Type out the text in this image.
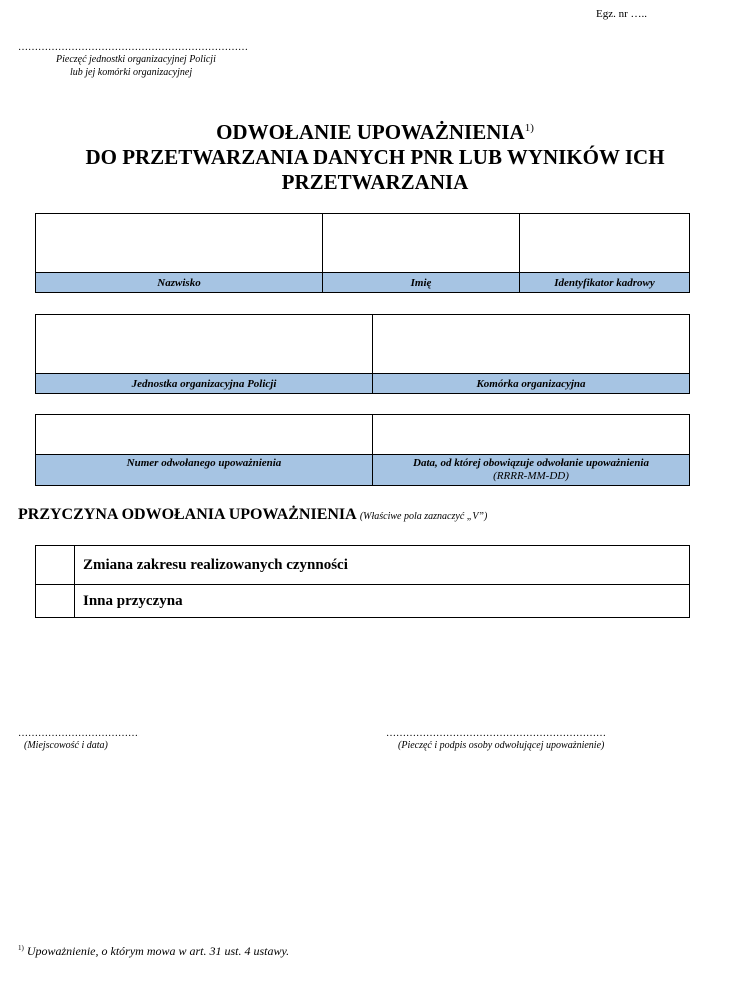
Egz. nr …..
……………………………………………………………
Pieczęć jednostki organizacyjnej Policji
lub jej komórki organizacyjnej
ODWOŁANIE UPOWAŻNIENIA$^{1)}$
DO PRZETWARZANIA DANYCH PNR LUB WYNIKÓW ICH
PRZETWARZANIA

Nazwisko	Imię	Identyfikator kadrowy

Jednostka organizacyjna Policji	Komórka organizacyjna

Numer odwołanego upoważnienia	Data, od której obowiązuje odwołanie upoważnienia
(RRRR-MM-DD)
PRZYCZYNA ODWOŁANIA UPOWAŻNIENIA (Właściwe pola zaznaczyć „V”)
	Zmiana zakresu realizowanych czynności
	Inna przyczyna
………………………………
(Miejscowość i data)
…………………………………………………………
(Pieczęć i podpis osoby odwołującej upoważnienie)
$^{1)}$ Upoważnienie, o którym mowa w art. 31 ust. 4 ustawy.
